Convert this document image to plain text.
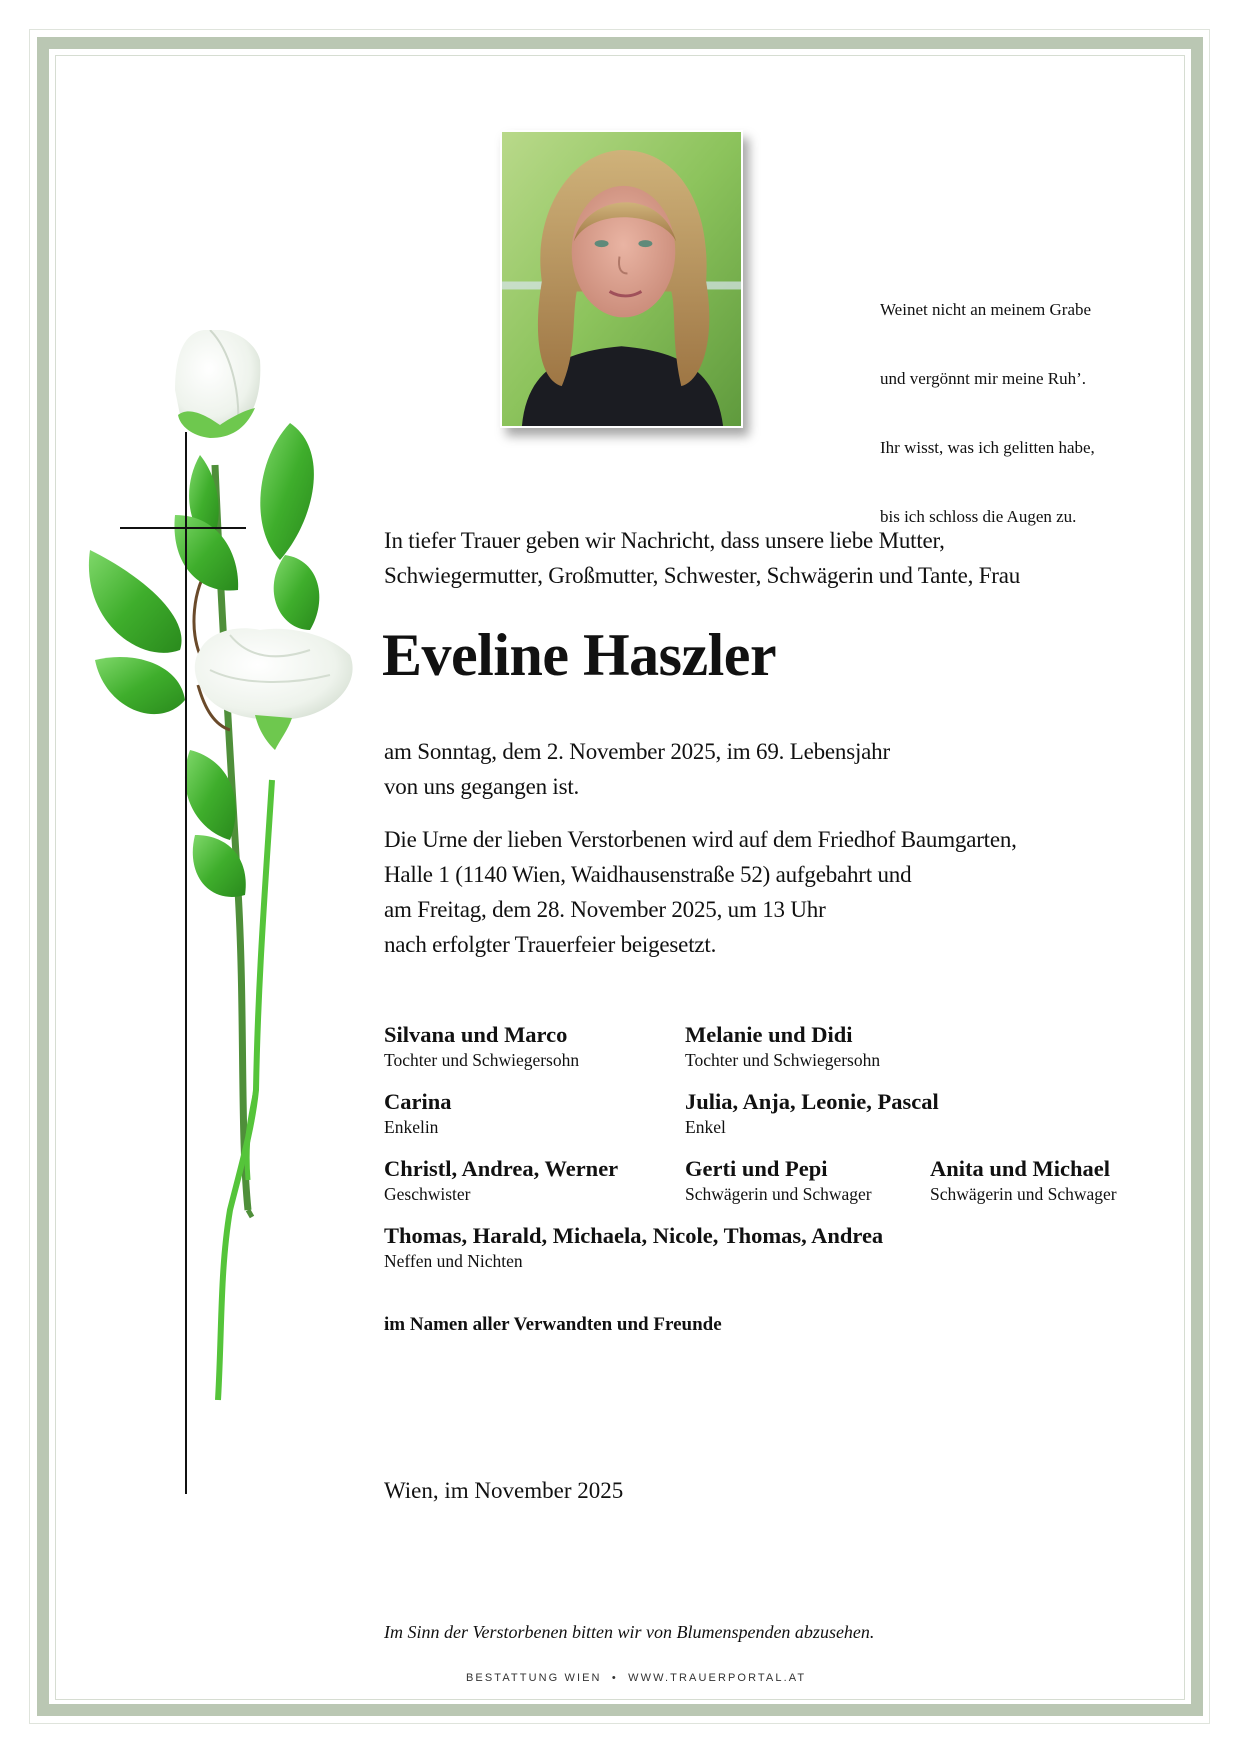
Weinet nicht an meinem Grabe

und vergönnt mir meine Ruh’.

Ihr wisst, was ich gelitten habe,

bis ich schloss die Augen zu.

In tiefer Trauer geben wir Nachricht, dass unsere liebe Mutter,
Schwiegermutter, Großmutter, Schwester, Schwägerin und Tante, Frau
Eveline Haszler
am Sonntag, dem 2. November 2025, im 69. Lebensjahr
von uns gegangen ist.
Die Urne der lieben Verstorbenen wird auf dem Friedhof Baumgarten,
Halle 1 (1140 Wien, Waidhausenstraße 52) aufgebahrt und
am Freitag, dem 28. November 2025, um 13 Uhr
nach erfolgter Trauerfeier beigesetzt.
Silvana und Marco
Tochter und Schwiegersohn
Melanie und Didi
Tochter und Schwiegersohn
Carina
Enkelin
Julia, Anja, Leonie, Pascal
Enkel
Christl, Andrea, Werner
Geschwister
Gerti und Pepi
Schwägerin und Schwager
Anita und Michael
Schwägerin und Schwager
Thomas, Harald, Michaela, Nicole, Thomas, Andrea
Neffen und Nichten
im Namen aller Verwandten und Freunde
Wien, im November 2025
Im Sinn der Verstorbenen bitten wir von Blumenspenden abzusehen.
BESTATTUNG WIEN  •  WWW.TRAUERPORTAL.AT
